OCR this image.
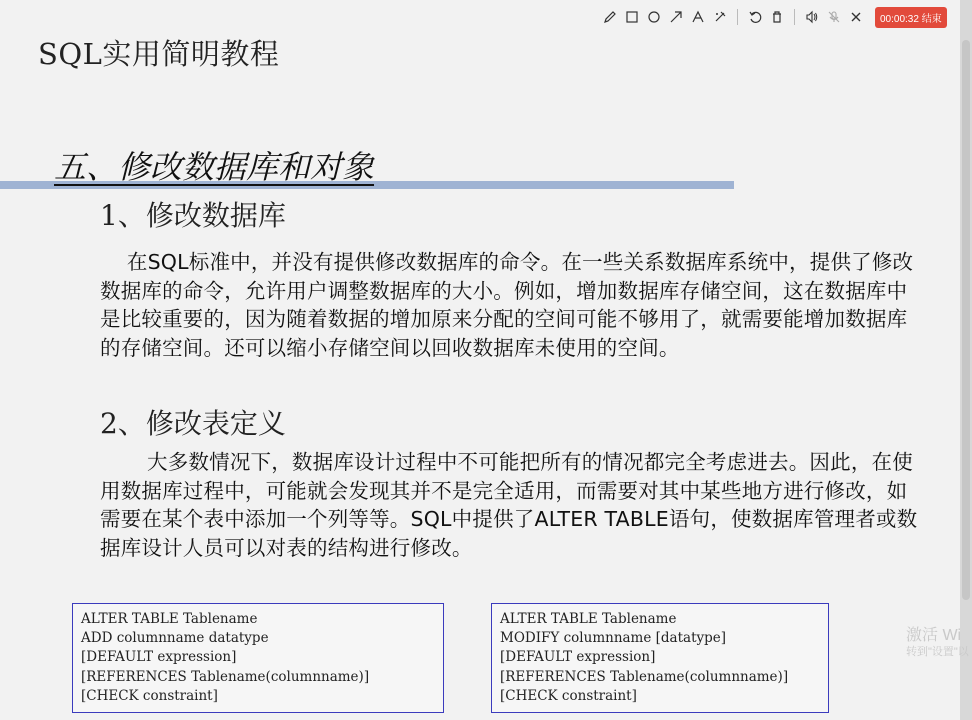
SQL实用简明教程
五、修改数据库和对象
1、修改数据库
在SQL标准中，并没有提供修改数据库的命令。在一些关系数据库系统中，提供了修改数据库的命令，允许用户调整数据库的大小。例如，增加数据库存储空间，这在数据库中是比较重要的，因为随着数据的增加原来分配的空间可能不够用了，就需要能增加数据库的存储空间。还可以缩小存储空间以回收数据库未使用的空间。
2、修改表定义
大多数情况下，数据库设计过程中不可能把所有的情况都完全考虑进去。因此，在使用数据库过程中，可能就会发现其并不是完全适用，而需要对其中某些地方进行修改，如需要在某个表中添加一个列等等。SQL中提供了ALTER TABLE语句，使数据库管理者或数据库设计人员可以对表的结构进行修改。
ALTER TABLE Tablename
ADD columnname datatype
[DEFAULT expression]
[REFERENCES Tablename(columnname)]
[CHECK constraint]
ALTER TABLE Tablename
MODIFY columnname [datatype]
[DEFAULT expression]
[REFERENCES Tablename(columnname)]
[CHECK constraint]
00:00:32 结束
激活 Wi
转到"设置"以
